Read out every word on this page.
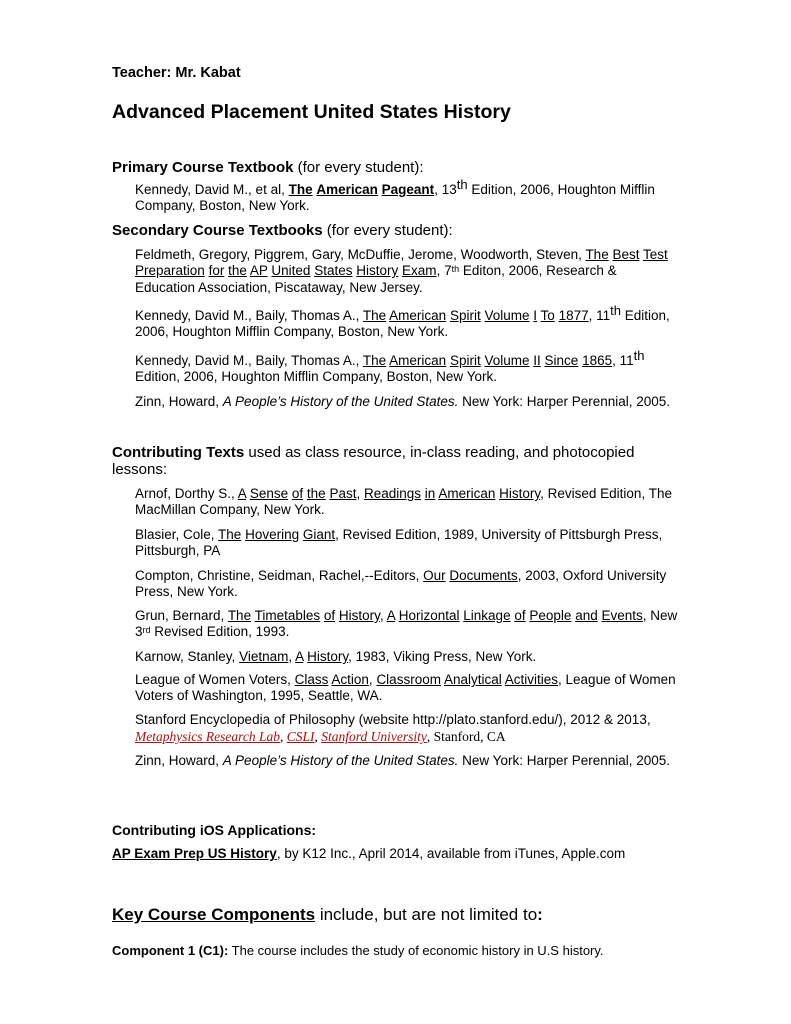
Teacher: Mr. Kabat
Advanced Placement United States History
Primary Course Textbook (for every student):
Kennedy, David M., et al, The American Pageant, 13th Edition, 2006, Houghton Mifflin
Company, Boston, New York.
Secondary Course Textbooks (for every student):
Feldmeth, Gregory, Piggrem, Gary, McDuffie, Jerome, Woodworth, Steven, The Best Test
Preparation for the AP United States History Exam, 7th Editon, 2006, Research &
Education Association, Piscataway, New Jersey.
Kennedy, David M., Baily, Thomas A., The American Spirit Volume I To 1877, 11th Edition,
2006, Houghton Mifflin Company, Boston, New York.
Kennedy, David M., Baily, Thomas A., The American Spirit Volume II Since 1865, 11th
Edition, 2006, Houghton Mifflin Company, Boston, New York.
Zinn, Howard, A People’s History of the United States. New York: Harper Perennial, 2005.
Contributing Texts used as class resource, in-class reading, and photocopied
lessons:
Arnof, Dorthy S., A Sense of the Past, Readings in American History, Revised Edition, The
MacMillan Company, New York.
Blasier, Cole, The Hovering Giant, Revised Edition, 1989, University of Pittsburgh Press,
Pittsburgh, PA
Compton, Christine, Seidman, Rachel,--Editors, Our Documents, 2003, Oxford University
Press, New York.
Grun, Bernard, The Timetables of History, A Horizontal Linkage of People and Events, New
3rd Revised Edition, 1993.
Karnow, Stanley, Vietnam, A History, 1983, Viking Press, New York.
League of Women Voters, Class Action, Classroom Analytical Activities, League of Women
Voters of Washington, 1995, Seattle, WA.
Stanford Encyclopedia of Philosophy (website http://plato.stanford.edu/), 2012 & 2013,
Metaphysics Research Lab, CSLI, Stanford University, Stanford, CA
Zinn, Howard, A People’s History of the United States. New York: Harper Perennial, 2005.
Contributing iOS Applications:
AP Exam Prep US History, by K12 Inc., April 2014, available from iTunes, Apple.com
Key Course Components include, but are not limited to:
Component 1 (C1): The course includes the study of economic history in U.S history.
